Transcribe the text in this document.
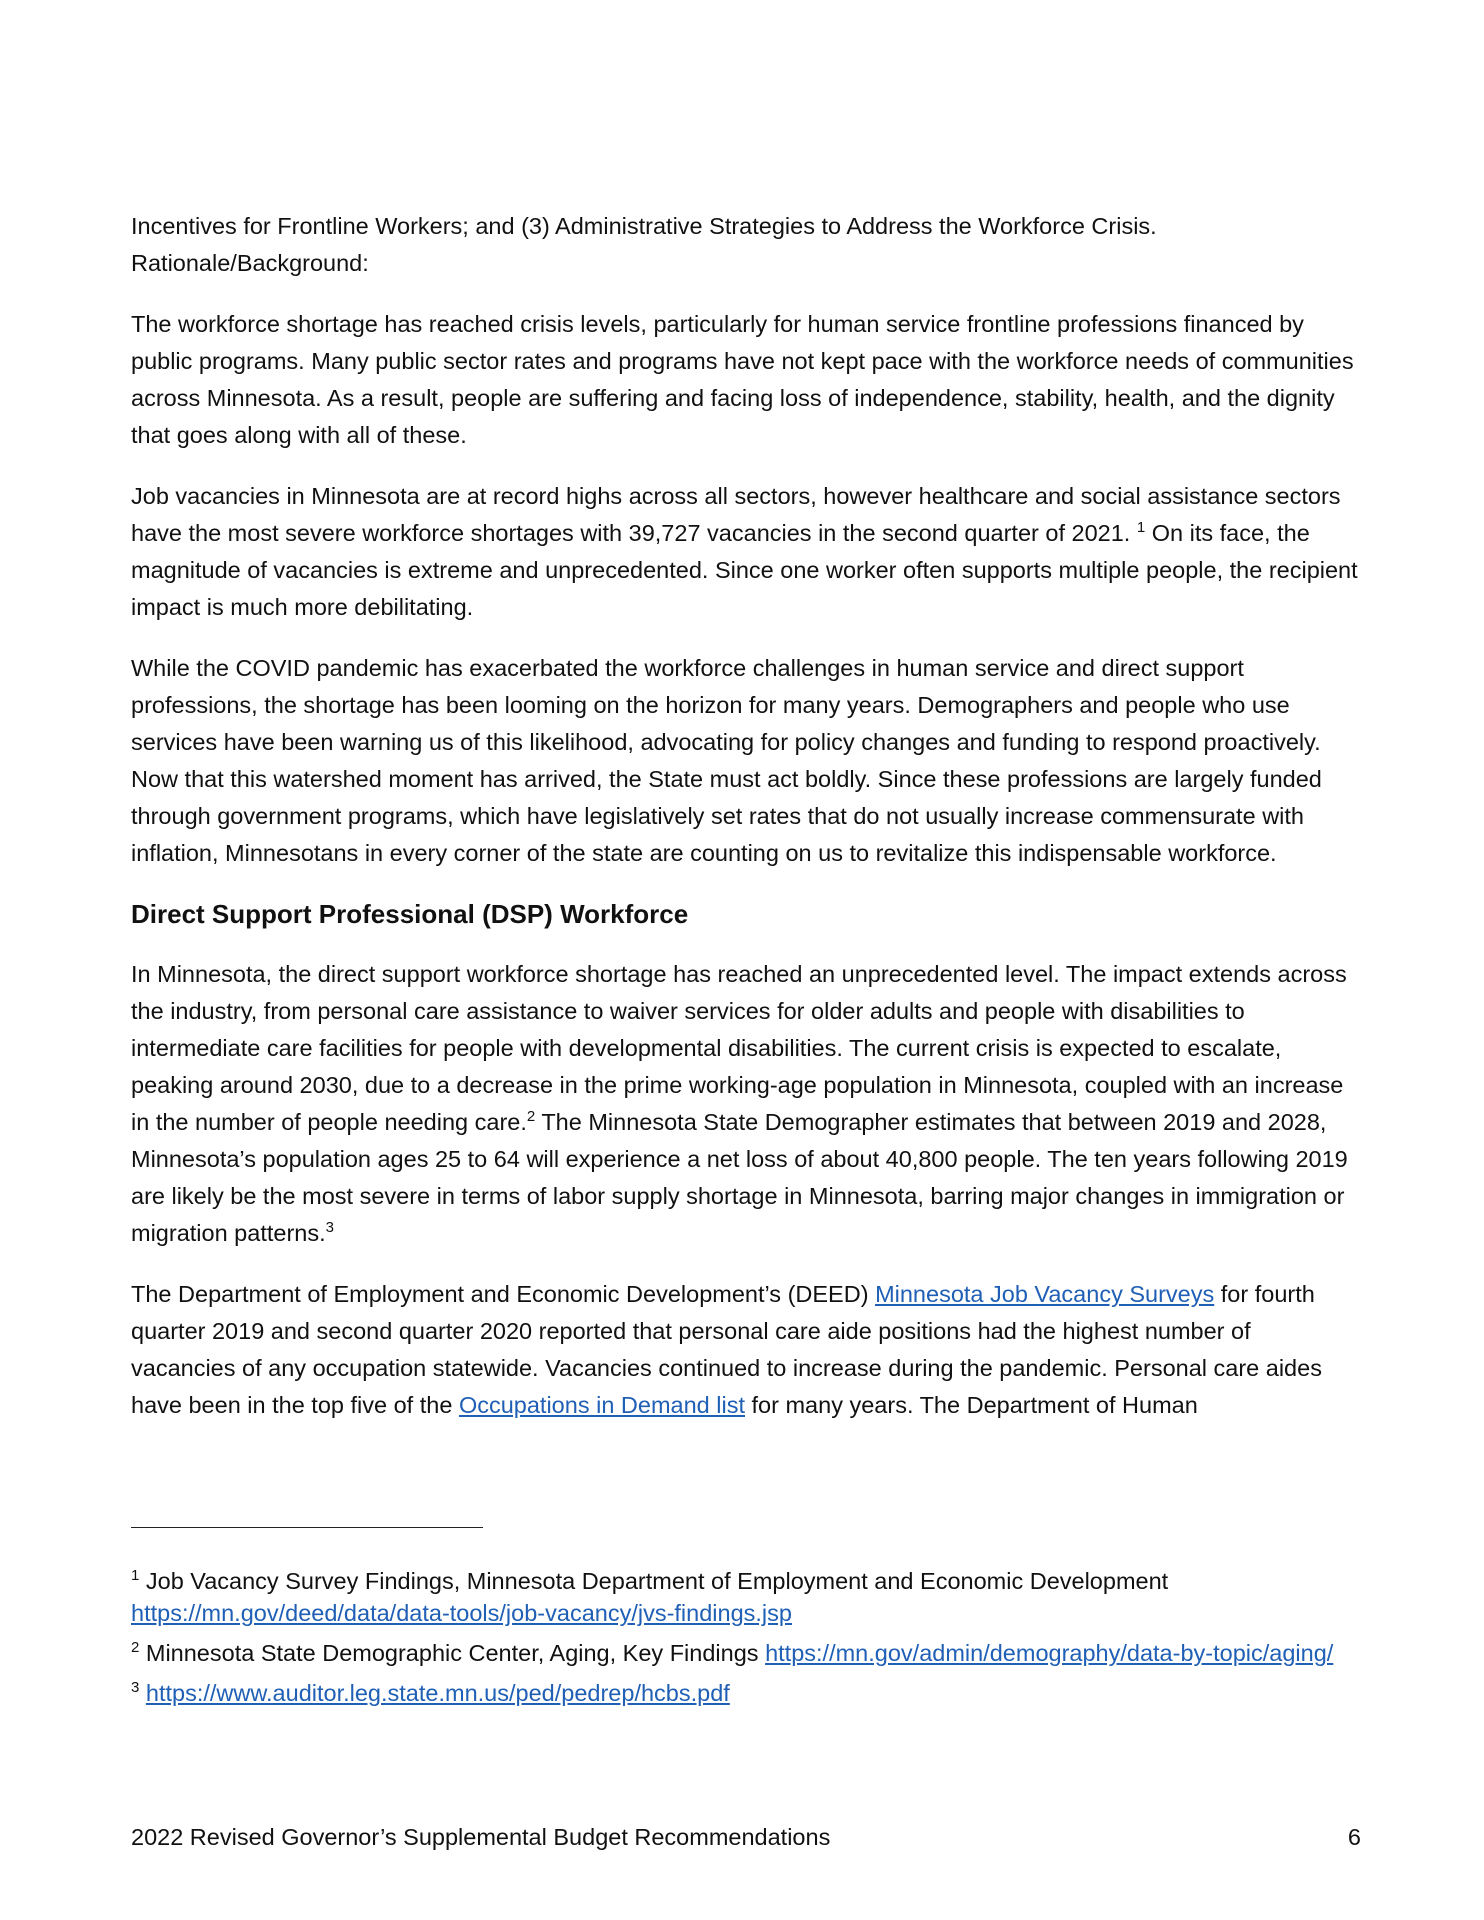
Incentives for Frontline Workers; and (3) Administrative Strategies to Address the Workforce Crisis.
Rationale/Background:

The workforce shortage has reached crisis levels, particularly for human service frontline professions financed by public programs. Many public sector rates and programs have not kept pace with the workforce needs of communities across Minnesota. As a result, people are suffering and facing loss of independence, stability, health, and the dignity that goes along with all of these.

Job vacancies in Minnesota are at record highs across all sectors, however healthcare and social assistance sectors have the most severe workforce shortages with 39,727 vacancies in the second quarter of 2021. $^1$ On its face, the magnitude of vacancies is extreme and unprecedented. Since one worker often supports multiple people, the recipient impact is much more debilitating.

While the COVID pandemic has exacerbated the workforce challenges in human service and direct support professions, the shortage has been looming on the horizon for many years. Demographers and people who use services have been warning us of this likelihood, advocating for policy changes and funding to respond proactively. Now that this watershed moment has arrived, the State must act boldly. Since these professions are largely funded through government programs, which have legislatively set rates that do not usually increase commensurate with inflation, Minnesotans in every corner of the state are counting on us to revitalize this indispensable workforce.

Direct Support Professional (DSP) Workforce

In Minnesota, the direct support workforce shortage has reached an unprecedented level. The impact extends across the industry, from personal care assistance to waiver services for older adults and people with disabilities to intermediate care facilities for people with developmental disabilities. The current crisis is expected to escalate, peaking around 2030, due to a decrease in the prime working-age population in Minnesota, coupled with an increase in the number of people needing care.$^2$ The Minnesota State Demographer estimates that between 2019 and 2028, Minnesota’s population ages 25 to 64 will experience a net loss of about 40,800 people. The ten years following 2019 are likely be the most severe in terms of labor supply shortage in Minnesota, barring major changes in immigration or migration patterns.$^3$

The Department of Employment and Economic Development’s (DEED) Minnesota Job Vacancy Surveys for fourth quarter 2019 and second quarter 2020 reported that personal care aide positions had the highest number of vacancies of any occupation statewide. Vacancies continued to increase during the pandemic. Personal care aides have been in the top five of the Occupations in Demand list for many years. The Department of Human

$^1$ Job Vacancy Survey Findings, Minnesota Department of Employment and Economic Development https://mn.gov/deed/data/data-tools/job-vacancy/jvs-findings.jsp

$^2$ Minnesota State Demographic Center, Aging, Key Findings https://mn.gov/admin/demography/data-by-topic/aging/

$^3$ https://www.auditor.leg.state.mn.us/ped/pedrep/hcbs.pdf

2022 Revised Governor’s Supplemental Budget Recommendations	6
